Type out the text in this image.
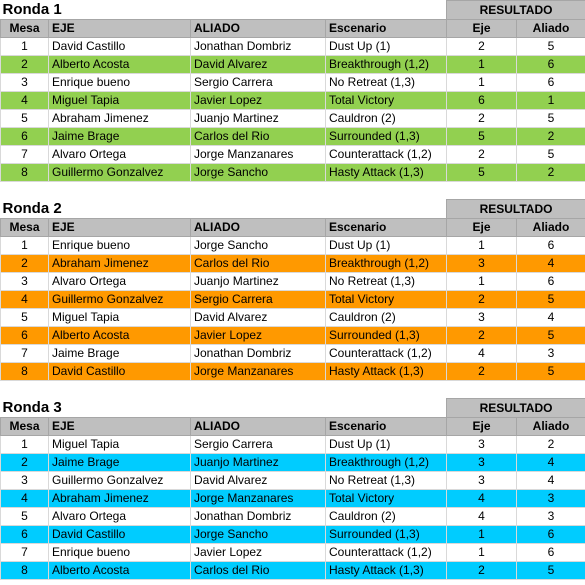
Ronda 1				RESULTADO	
Mesa	EJE	ALIADO	Escenario	Eje	Aliado
1	David Castillo	Jonathan Dombriz	Dust Up (1)	2	5
2	Alberto Acosta	David Alvarez	Breakthrough (1,2)	1	6
3	Enrique bueno	Sergio Carrera	No Retreat (1,3)	1	6
4	Miguel Tapia	Javier Lopez	Total Victory	6	1
5	Abraham Jimenez	Juanjo Martinez	Cauldron (2)	2	5
6	Jaime Brage	Carlos del Rio	Surrounded (1,3)	5	2
7	Alvaro Ortega	Jorge Manzanares	Counterattack (1,2)	2	5
8	Guillermo Gonzalvez	Jorge Sancho	Hasty Attack (1,3)	5	2

Ronda 2				RESULTADO	
Mesa	EJE	ALIADO	Escenario	Eje	Aliado
1	Enrique bueno	Jorge Sancho	Dust Up (1)	1	6
2	Abraham Jimenez	Carlos del Rio	Breakthrough (1,2)	3	4
3	Alvaro Ortega	Juanjo Martinez	No Retreat (1,3)	1	6
4	Guillermo Gonzalvez	Sergio Carrera	Total Victory	2	5
5	Miguel Tapia	David Alvarez	Cauldron (2)	3	4
6	Alberto Acosta	Javier Lopez	Surrounded (1,3)	2	5
7	Jaime Brage	Jonathan Dombriz	Counterattack (1,2)	4	3
8	David Castillo	Jorge Manzanares	Hasty Attack (1,3)	2	5

Ronda 3				RESULTADO	
Mesa	EJE	ALIADO	Escenario	Eje	Aliado
1	Miguel Tapia	Sergio Carrera	Dust Up (1)	3	2
2	Jaime Brage	Juanjo Martinez	Breakthrough (1,2)	3	4
3	Guillermo Gonzalvez	David Alvarez	No Retreat (1,3)	3	4
4	Abraham Jimenez	Jorge Manzanares	Total Victory	4	3
5	Alvaro Ortega	Jonathan Dombriz	Cauldron (2)	4	3
6	David Castillo	Jorge Sancho	Surrounded (1,3)	1	6
7	Enrique bueno	Javier Lopez	Counterattack (1,2)	1	6
8	Alberto Acosta	Carlos del Rio	Hasty Attack (1,3)	2	5
